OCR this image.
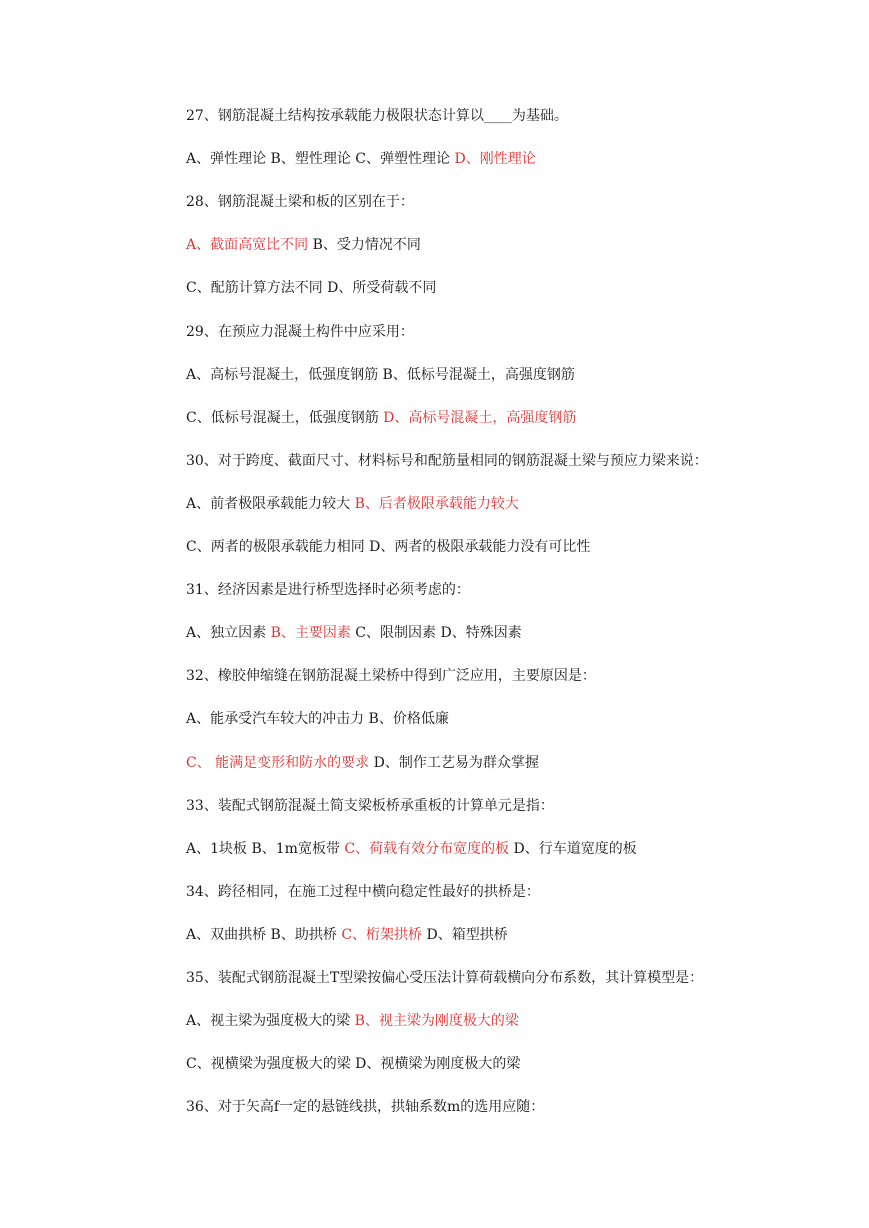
27、钢筋混凝土结构按承载能力极限状态计算以____为基础。
A、弹性理论 B、塑性理论 C、弹塑性理论 D、刚性理论
28、钢筋混凝土梁和板的区别在于：
A、截面高宽比不同 B、受力情况不同
C、配筋计算方法不同 D、所受荷载不同
29、在预应力混凝土构件中应采用：
A、高标号混凝土，低强度钢筋 B、低标号混凝土，高强度钢筋
C、低标号混凝土，低强度钢筋 D、高标号混凝土，高强度钢筋
30、对于跨度、截面尺寸、材料标号和配筋量相同的钢筋混凝土梁与预应力梁来说：
A、前者极限承载能力较大 B、后者极限承载能力较大
C、两者的极限承载能力相同 D、两者的极限承载能力没有可比性
31、经济因素是进行桥型选择时必须考虑的：
A、独立因素 B、主要因素 C、限制因素 D、特殊因素
32、橡胶伸缩缝在钢筋混凝土梁桥中得到广泛应用，主要原因是：
A、能承受汽车较大的冲击力 B、价格低廉
C、 能满足变形和防水的要求 D、制作工艺易为群众掌握
33、装配式钢筋混凝土简支梁板桥承重板的计算单元是指：
A、1块板 B、1m宽板带 C、荷载有效分布宽度的板 D、行车道宽度的板
34、跨径相同，在施工过程中横向稳定性最好的拱桥是：
A、双曲拱桥 B、助拱桥 C、桁架拱桥 D、箱型拱桥
35、装配式钢筋混凝土T型梁按偏心受压法计算荷载横向分布系数，其计算模型是：
A、视主梁为强度极大的梁 B、视主梁为刚度极大的梁
C、视横梁为强度极大的梁 D、视横梁为刚度极大的梁
36、对于矢高f一定的悬链线拱，拱轴系数m的选用应随：
